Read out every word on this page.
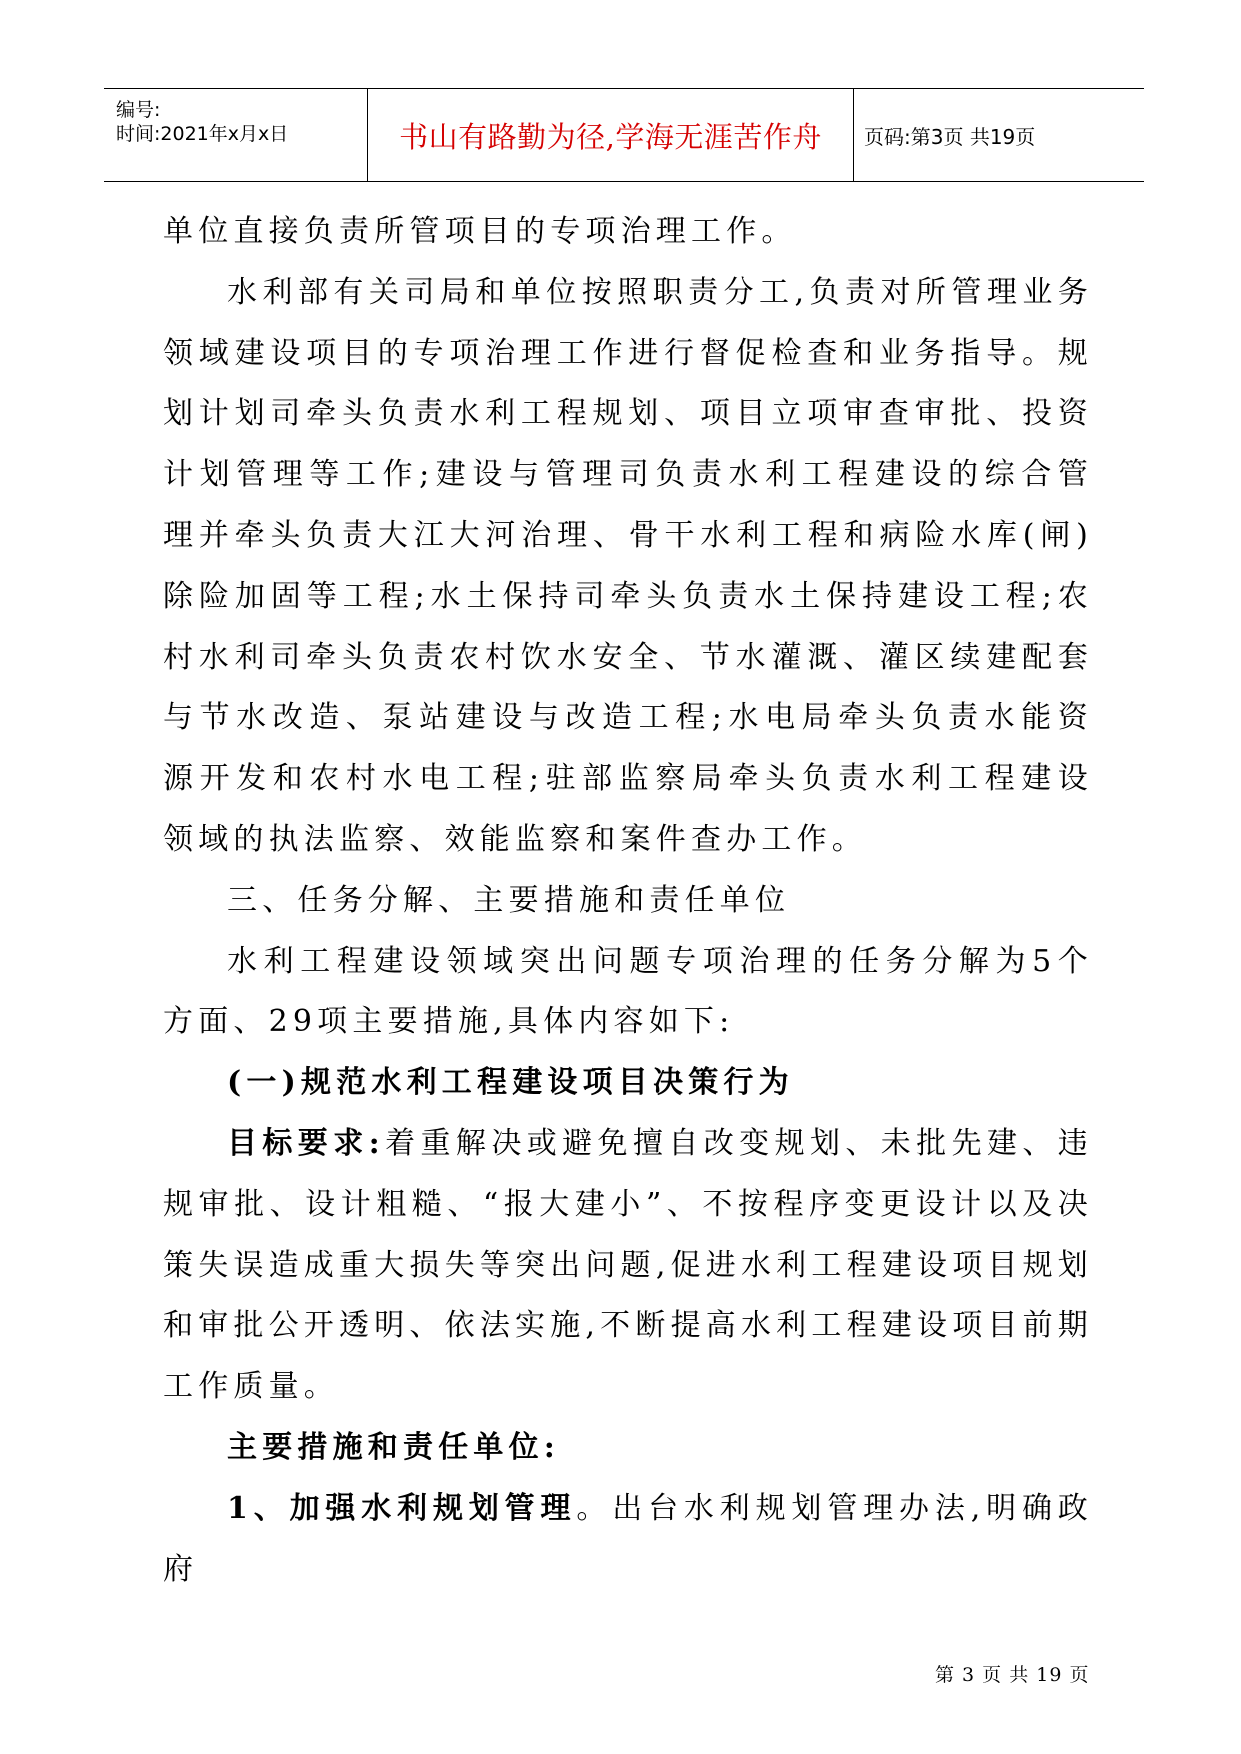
编号:
时间:2021年x月x日	书山有路勤为径,学海无涯苦作舟 页码:第3页 共19页

单位直接负责所管项目的专项治理工作。

水利部有关司局和单位按照职责分工,负责对所管理业务领域建设项目的专项治理工作进行督促检查和业务指导。规划计划司牵头负责水利工程规划、项目立项审查审批、投资计划管理等工作;建设与管理司负责水利工程建设的综合管理并牵头负责大江大河治理、骨干水利工程和病险水库(闸)除险加固等工程;水土保持司牵头负责水土保持建设工程;农村水利司牵头负责农村饮水安全、节水灌溉、灌区续建配套与节水改造、泵站建设与改造工程;水电局牵头负责水能资源开发和农村水电工程;驻部监察局牵头负责水利工程建设领域的执法监察、效能监察和案件查办工作。

三、任务分解、主要措施和责任单位

水利工程建设领域突出问题专项治理的任务分解为5个方面、29项主要措施,具体内容如下:

(一)规范水利工程建设项目决策行为

目标要求:着重解决或避免擅自改变规划、未批先建、违规审批、设计粗糙、“报大建小”、不按程序变更设计以及决策失误造成重大损失等突出问题,促进水利工程建设项目规划和审批公开透明、依法实施,不断提高水利工程建设项目前期工作质量。

主要措施和责任单位:

1、加强水利规划管理。出台水利规划管理办法,明确政府

第 3 页 共 19 页
